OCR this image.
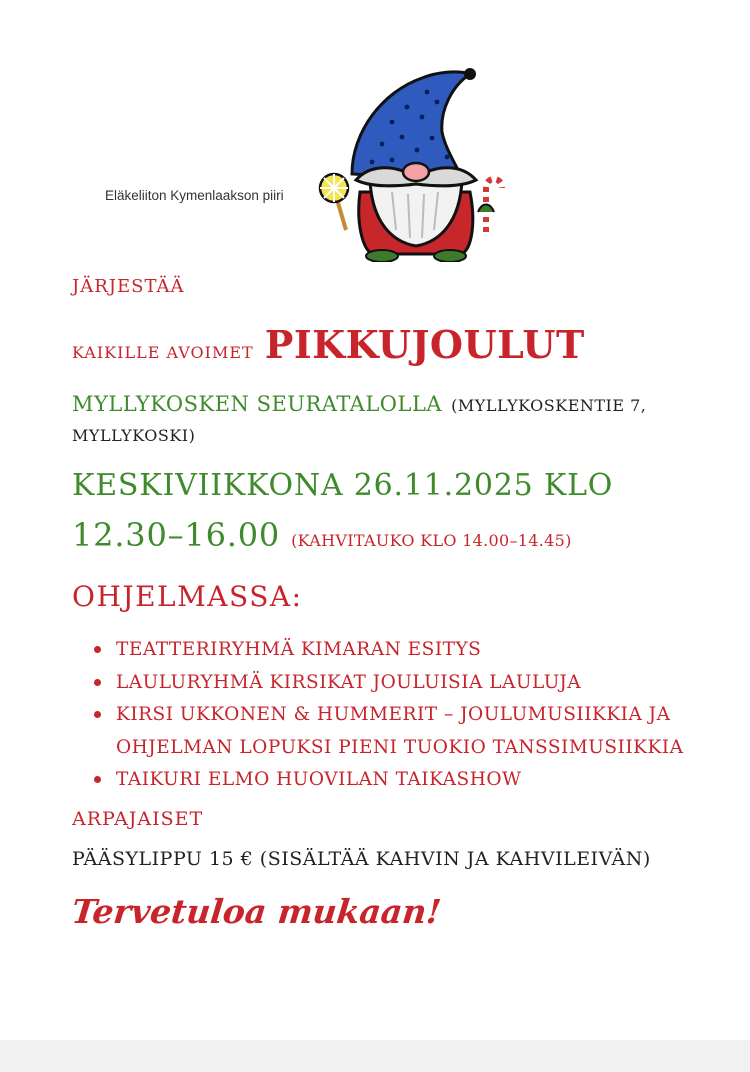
Eläkeliiton Kymenlaakson piiri
JÄRJESTÄÄ
KAIKILLE AVOIMET PIKKUJOULUT
MYLLYKOSKEN SEURATALOLLA (MYLLYKOSKENTIE 7,
MYLLYKOSKI)
KESKIVIIKKONA 26.11.2025 KLO
12.30–16.00 (KAHVITAUKO KLO 14.00–14.45)
OHJELMASSA:
TEATTERIRYHMÄ KIMARAN ESITYS
LAULURYHMÄ KIRSIKAT JOULUISIA LAULUJA
KIRSI UKKONEN & HUMMERIT – JOULUMUSIIKKIA JA
OHJELMAN LOPUKSI PIENI TUOKIO TANSSIMUSIIKKIA
TAIKURI ELMO HUOVILAN TAIKASHOW
ARPAJAISET
PÄÄSYLIPPU 15 € (SISÄLTÄÄ KAHVIN JA KAHVILEIVÄN)
Tervetuloa mukaan!
